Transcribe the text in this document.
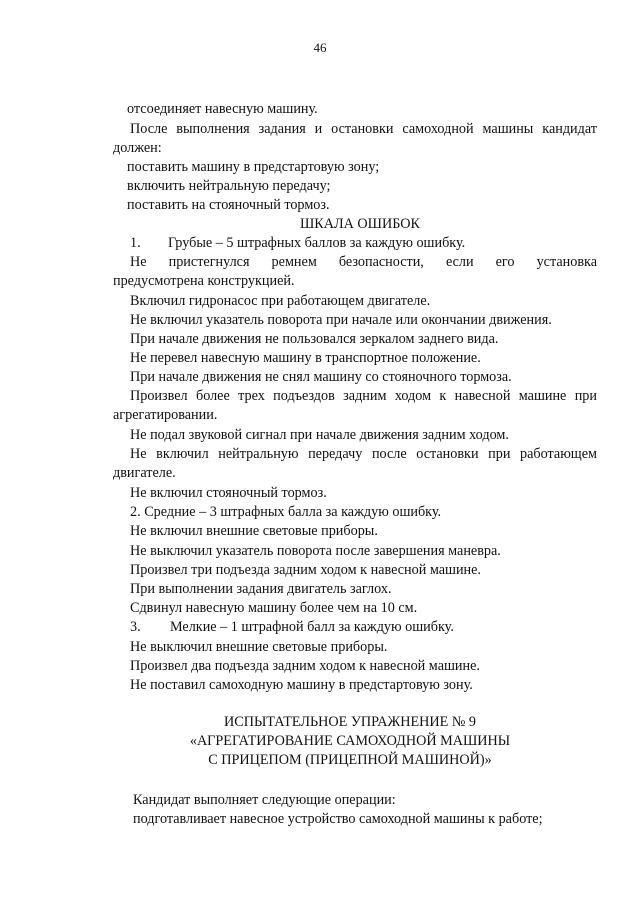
46
отсоединяет навесную машину.
После выполнения задания и остановки самоходной машины кандидат
должен:
поставить машину в предстартовую зону;
включить нейтральную передачу;
поставить на стояночный тормоз.
ШКАЛА ОШИБОК
1. Грубые – 5 штрафных баллов за каждую ошибку.
Не пристегнулся ремнем безопасности, если его установка
предусмотрена конструкцией.
Включил гидронасос при работающем двигателе.
Не включил указатель поворота при начале или окончании движения.
При начале движения не пользовался зеркалом заднего вида.
Не перевел навесную машину в транспортное положение.
При начале движения не снял машину со стояночного тормоза.
Произвел более трех подъездов задним ходом к навесной машине при
агрегатировании.
Не подал звуковой сигнал при начале движения задним ходом.
Не включил нейтральную передачу после остановки при работающем
двигателе.
Не включил стояночный тормоз.
2. Средние – 3 штрафных балла за каждую ошибку.
Не включил внешние световые приборы.
Не выключил указатель поворота после завершения маневра.
Произвел три подъезда задним ходом к навесной машине.
При выполнении задания двигатель заглох.
Сдвинул навесную машину более чем на 10 см.
3. Мелкие – 1 штрафной балл за каждую ошибку.
Не выключил внешние световые приборы.
Произвел два подъезда задним ходом к навесной машине.
Не поставил самоходную машину в предстартовую зону.
ИСПЫТАТЕЛЬНОЕ УПРАЖНЕНИЕ № 9
«АГРЕГАТИРОВАНИЕ САМОХОДНОЙ МАШИНЫ
С ПРИЦЕПОМ (ПРИЦЕПНОЙ МАШИНОЙ)»
Кандидат выполняет следующие операции:
подготавливает навесное устройство самоходной машины к работе;
